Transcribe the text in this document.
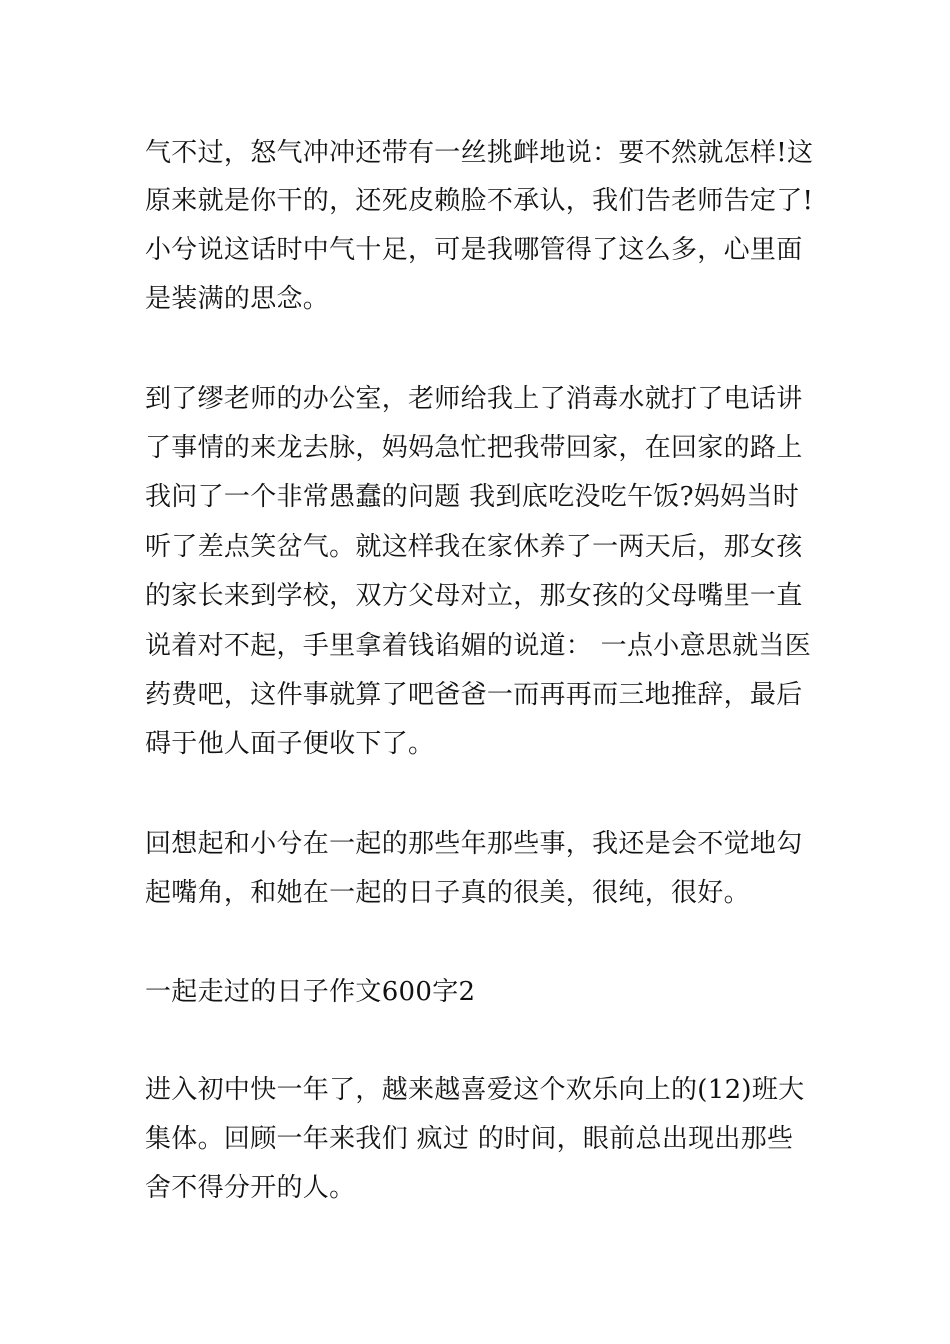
气不过，怒气冲冲还带有一丝挑衅地说：要不然就怎样!这
原来就是你干的，还死皮赖脸不承认，我们告老师告定了!
小兮说这话时中气十足，可是我哪管得了这么多，心里面
是装满的思念。
到了缪老师的办公室，老师给我上了消毒水就打了电话讲
了事情的来龙去脉，妈妈急忙把我带回家，在回家的路上
我问了一个非常愚蠢的问题 我到底吃没吃午饭?妈妈当时
听了差点笑岔气。就这样我在家休养了一两天后，那女孩
的家长来到学校，双方父母对立，那女孩的父母嘴里一直
说着对不起，手里拿着钱谄媚的说道： 一点小意思就当医
药费吧，这件事就算了吧爸爸一而再再而三地推辞，最后
碍于他人面子便收下了。
回想起和小兮在一起的那些年那些事，我还是会不觉地勾
起嘴角，和她在一起的日子真的很美，很纯，很好。
一起走过的日子作文600字2
进入初中快一年了，越来越喜爱这个欢乐向上的(12)班大
集体。回顾一年来我们 疯过 的时间，眼前总出现出那些
舍不得分开的人。
